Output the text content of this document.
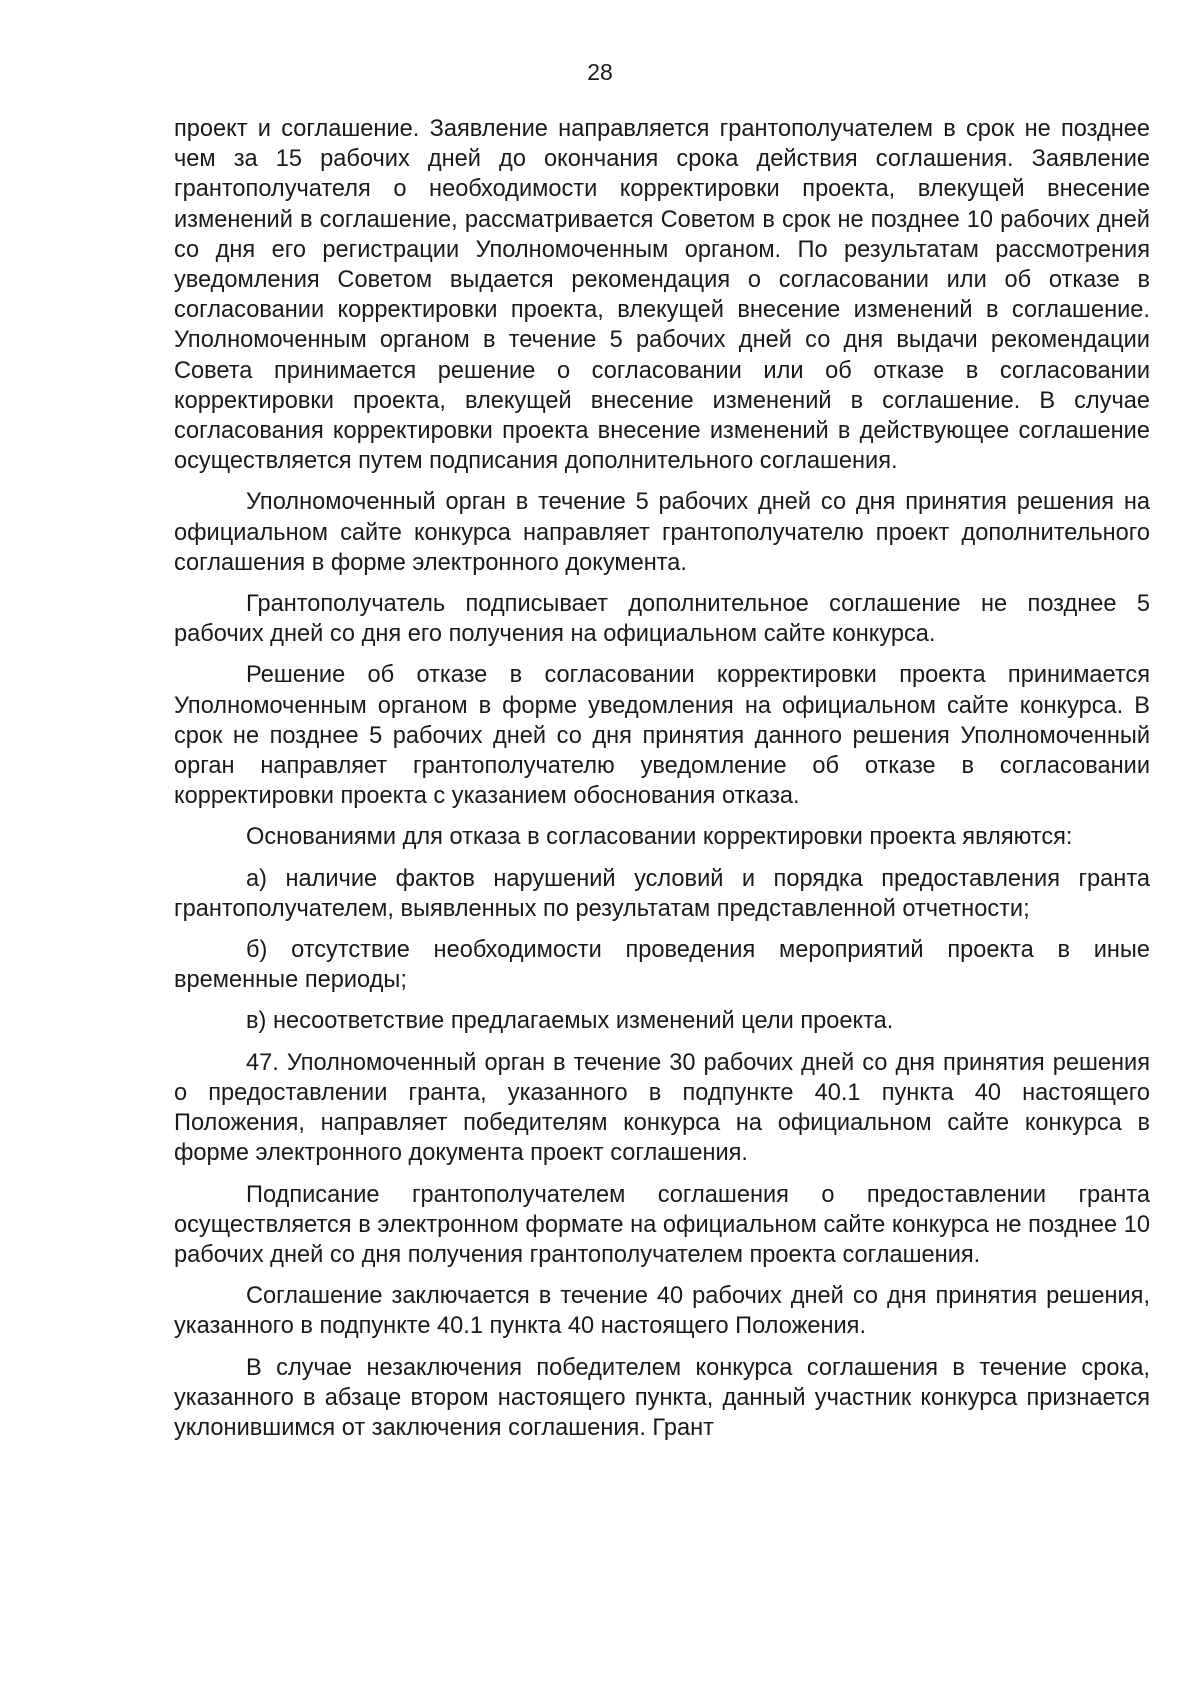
28

проект и соглашение. Заявление направляется грантополучателем в срок не позднее чем за 15 рабочих дней до окончания срока действия соглашения. Заявление грантополучателя о необходимости корректировки проекта, влекущей внесение изменений в соглашение, рассматривается Советом в срок не позднее 10 рабочих дней со дня его регистрации Уполномоченным органом. По результатам рассмотрения уведомления Советом выдается рекомендация о согласовании или об отказе в согласовании корректировки проекта, влекущей внесение изменений в соглашение. Уполномоченным органом в течение 5 рабочих дней со дня выдачи рекомендации Совета принимается решение о согласовании или об отказе в согласовании корректировки проекта, влекущей внесение изменений в соглашение. В случае согласования корректировки проекта внесение изменений в действующее соглашение осуществляется путем подписания дополнительного соглашения.

Уполномоченный орган в течение 5 рабочих дней со дня принятия решения на официальном сайте конкурса направляет грантополучателю проект дополнительного соглашения в форме электронного документа.

Грантополучатель подписывает дополнительное соглашение не позднее 5 рабочих дней со дня его получения на официальном сайте конкурса.

Решение об отказе в согласовании корректировки проекта принимается Уполномоченным органом в форме уведомления на официальном сайте конкурса. В срок не позднее 5 рабочих дней со дня принятия данного решения Уполномоченный орган направляет грантополучателю уведомление об отказе в согласовании корректировки проекта с указанием обоснования отказа.

Основаниями для отказа в согласовании корректировки проекта являются:

а) наличие фактов нарушений условий и порядка предоставления гранта грантополучателем, выявленных по результатам представленной отчетности;

б) отсутствие необходимости проведения мероприятий проекта в иные временные периоды;

в) несоответствие предлагаемых изменений цели проекта.

47. Уполномоченный орган в течение 30 рабочих дней со дня принятия решения о предоставлении гранта, указанного в подпункте 40.1 пункта 40 настоящего Положения, направляет победителям конкурса на официальном сайте конкурса в форме электронного документа проект соглашения.

Подписание грантополучателем соглашения о предоставлении гранта осуществляется в электронном формате на официальном сайте конкурса не позднее 10 рабочих дней со дня получения грантополучателем проекта соглашения.

Соглашение заключается в течение 40 рабочих дней со дня принятия решения, указанного в подпункте 40.1 пункта 40 настоящего Положения.

В случае незаключения победителем конкурса соглашения в течение срока, указанного в абзаце втором настоящего пункта, данный участник конкурса признается уклонившимся от заключения соглашения. Грант
